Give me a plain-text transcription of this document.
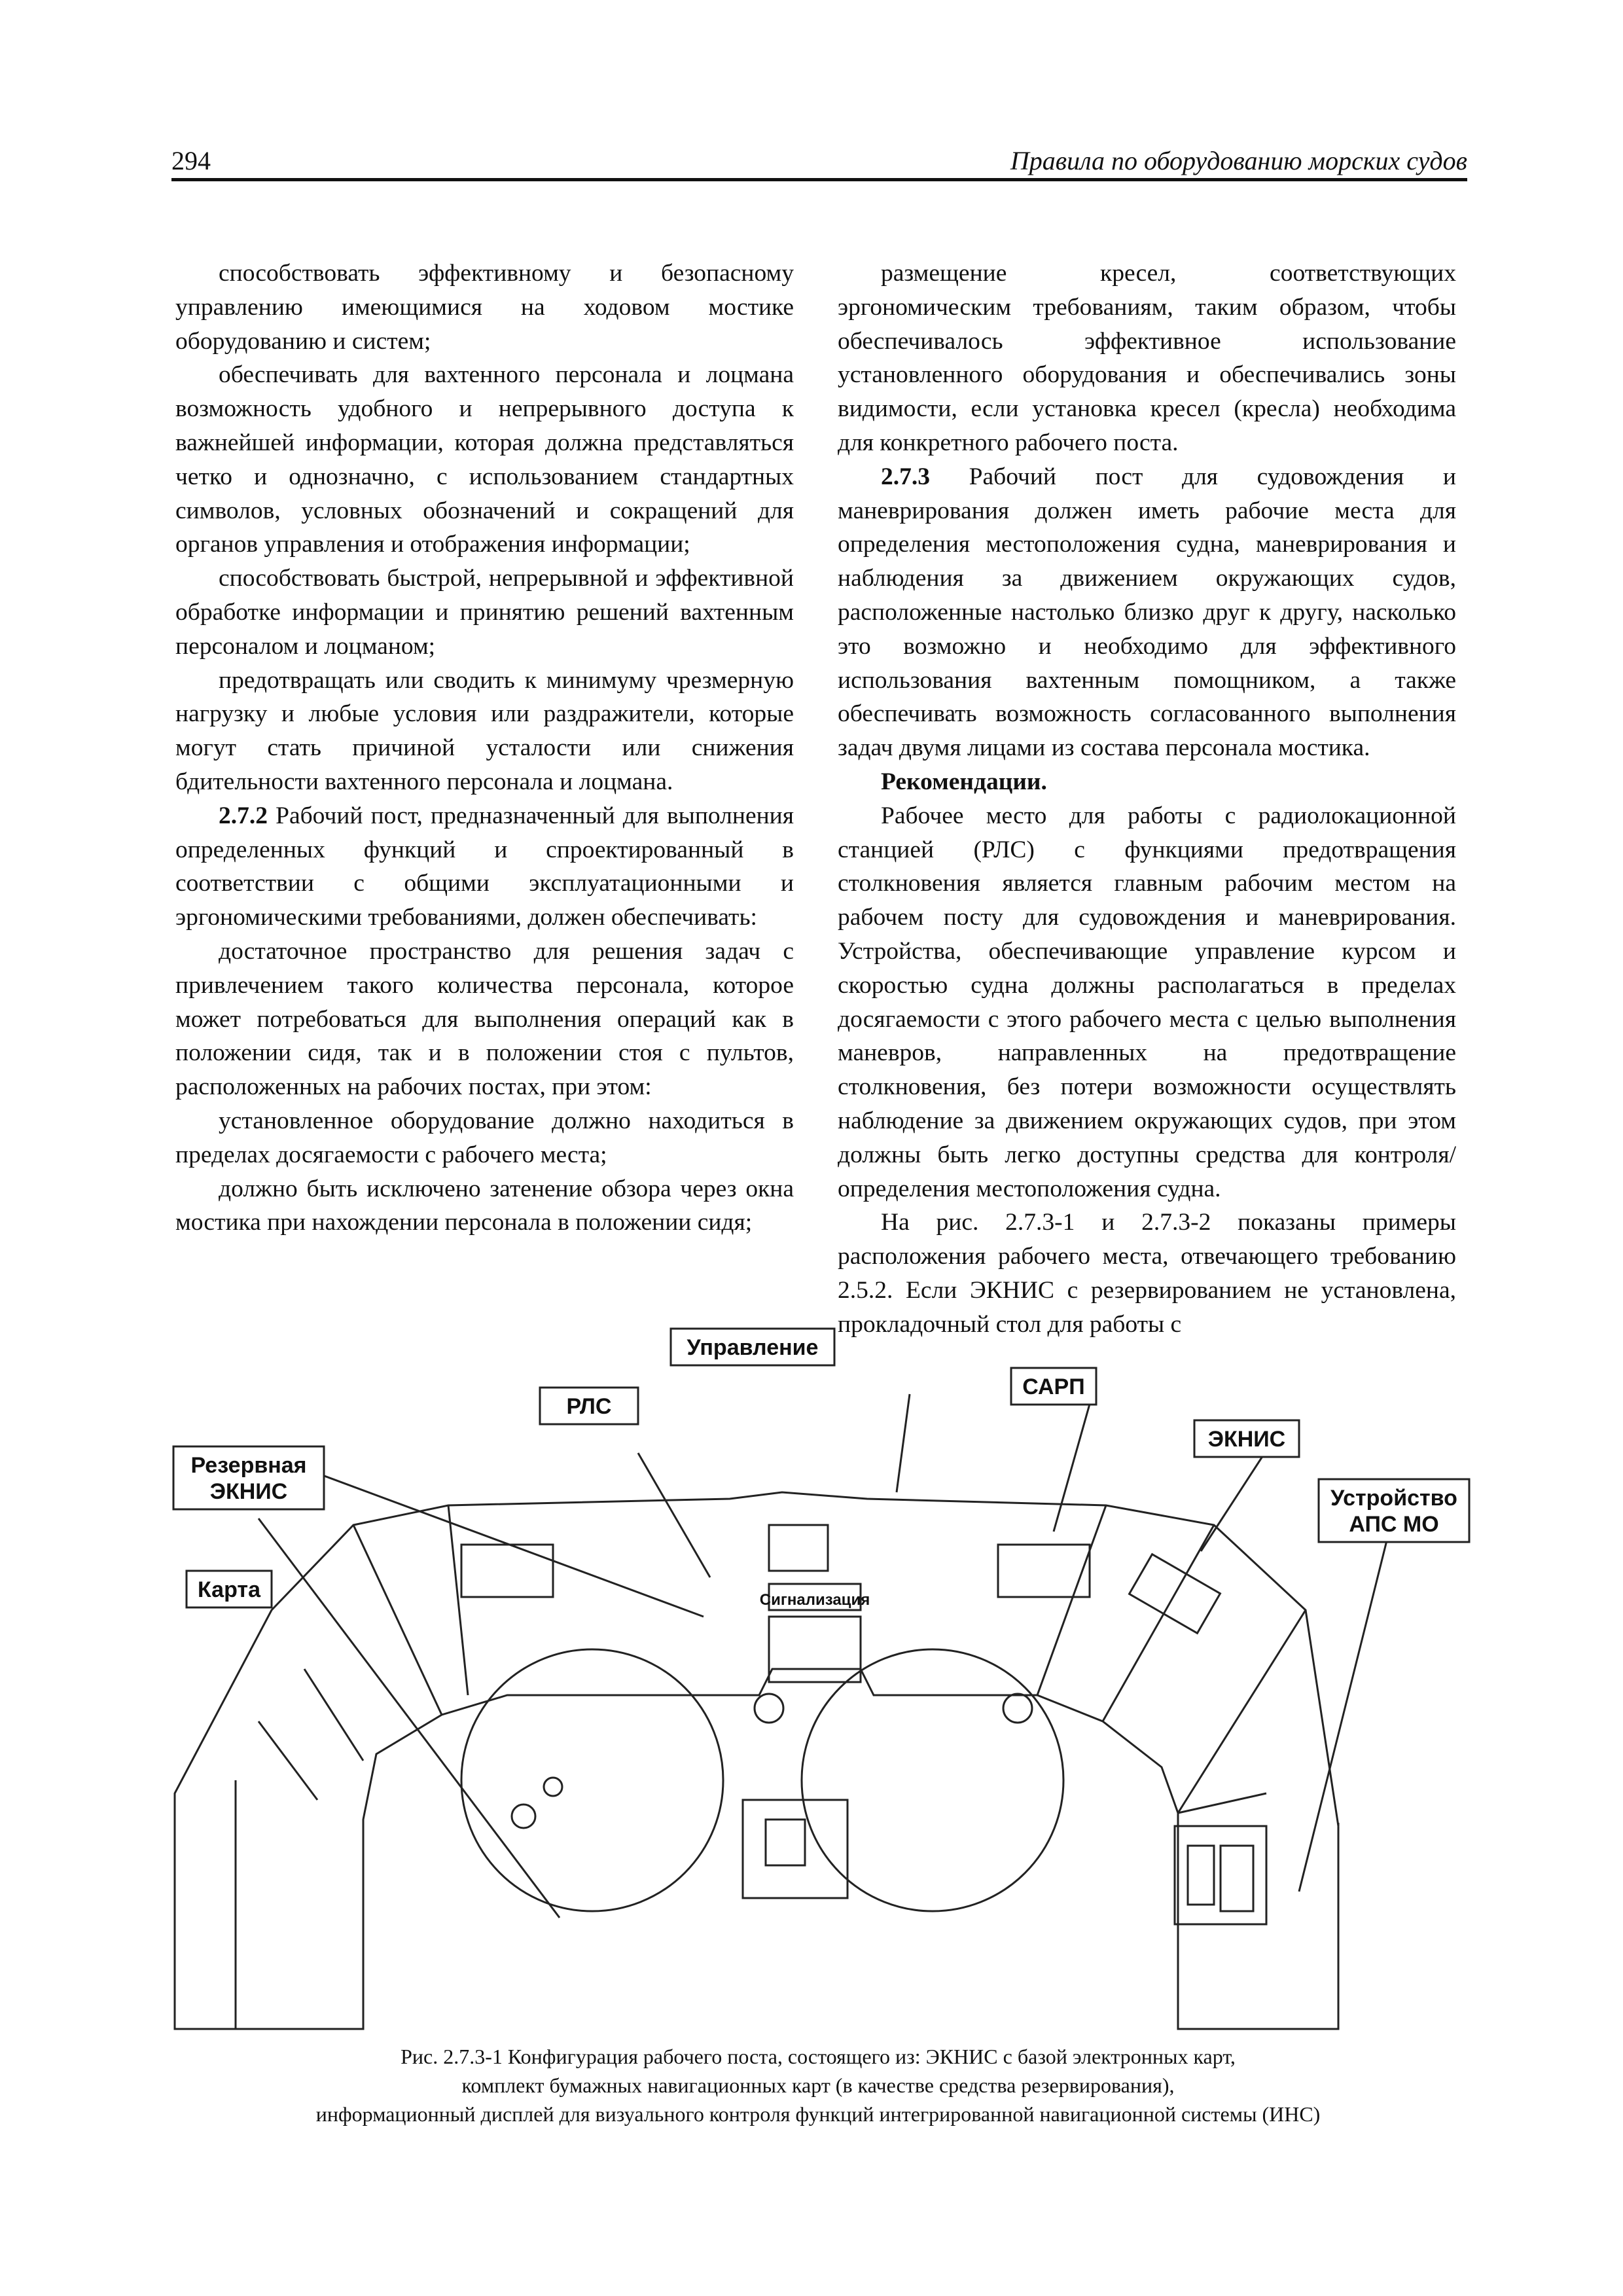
294	Правила по оборудованию морских судов

способствовать эффективному и безопасному управлению имеющимися на ходовом мостике оборудованию и систем;

обеспечивать для вахтенного персонала и лоцмана возможность удобного и непрерывного доступа к важнейшей информации, которая должна представляться четко и однозначно, с использованием стандартных символов, условных обозначений и сокращений для органов управления и отображения информации;

способствовать быстрой, непрерывной и эффективной обработке информации и принятию решений вахтенным персоналом и лоцманом;

предотвращать или сводить к минимуму чрезмерную нагрузку и любые условия или раздражители, которые могут стать причиной усталости или снижения бдительности вахтенного персонала и лоцмана.

2.7.2 Рабочий пост, предназначенный для выполнения определенных функций и спроектированный в соответствии с общими эксплуатационными и эргономическими требованиями, должен обеспечивать:

достаточное пространство для решения задач с привлечением такого количества персонала, которое может потребоваться для выполнения операций как в положении сидя, так и в положении стоя с пультов, расположенных на рабочих постах, при этом:

установленное оборудование должно находиться в пределах досягаемости с рабочего места;

должно быть исключено затенение обзора через окна мостика при нахождении персонала в положении сидя;

размещение кресел, соответствующих эргономическим требованиям, таким образом, чтобы обеспечивалось эффективное использование установленного оборудования и обеспечивались зоны видимости, если установка кресел (кресла) необходима для конкретного рабочего поста.

2.7.3 Рабочий пост для судовождения и маневрирования должен иметь рабочие места для определения местоположения судна, маневрирования и наблюдения за движением окружающих судов, расположенные настолько близко друг к другу, насколько это возможно и необходимо для эффективного использования вахтенным помощником, а также обеспечивать возможность согласованного выполнения задач двумя лицами из состава персонала мостика.

Рекомендации.

Рабочее место для работы с радиолокационной станцией (РЛС) с функциями предотвращения столкновения является главным рабочим местом на рабочем посту для судовождения и маневрирования. Устройства, обеспечивающие управление курсом и скоростью судна должны располагаться в пределах досягаемости с этого рабочего места с целью выполнения маневров, направленных на предотвращение столкновения, без потери возможности осуществлять наблюдение за движением окружающих судов, при этом должны быть легко доступны средства для контроля/определения местоположения судна.

На рис. 2.7.3-1 и 2.7.3-2 показаны примеры расположения рабочего места, отвечающего требованию 2.5.2. Если ЭКНИС с резервированием не установлена, прокладочный стол для работы с

Управление
РЛС
САРП
Резервная
ЭКНИС
ЭКНИС
Устройство
АПС МО
Карта	Сигнализация
Рис. 2.7.3-1 Конфигурация рабочего поста, состоящего из: ЭКНИС с базой электронных карт,
комплект бумажных навигационных карт (в качестве средства резервирования),
информационный дисплей для визуального контроля функций интегрированной навигационной системы (ИНС)
